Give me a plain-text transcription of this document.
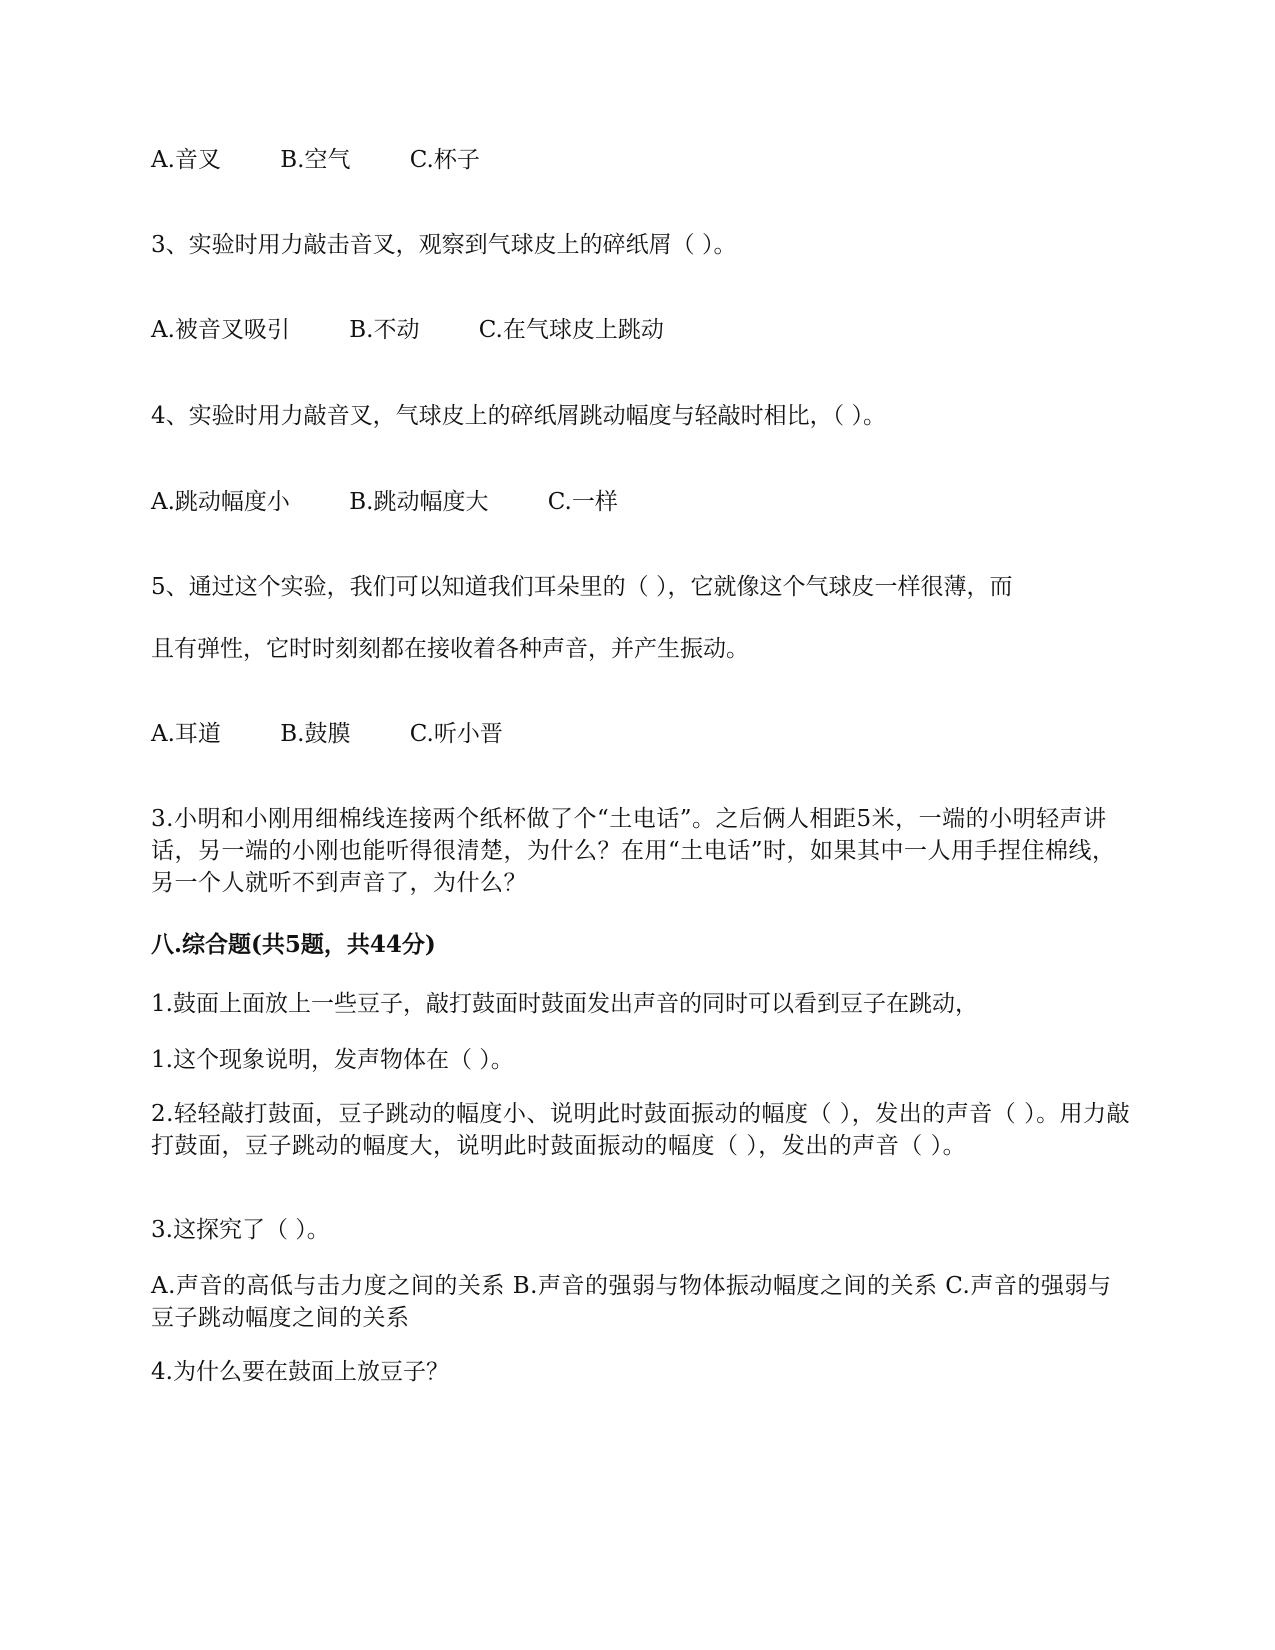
A.音叉	B.空气	C.杯子
3、实验时用力敲击音叉，观察到气球皮上的碎纸屑（ ）。
A.被音叉吸引	B.不动	C.在气球皮上跳动
4、实验时用力敲音叉，气球皮上的碎纸屑跳动幅度与轻敲时相比，（ ）。
A.跳动幅度小	B.跳动幅度大	C.一样
5、通过这个实验，我们可以知道我们耳朵里的（ ），它就像这个气球皮一样很薄，而
且有弹性，它时时刻刻都在接收着各种声音，并产生振动。
A.耳道	B.鼓膜	C.听小晋
3.小明和小刚用细棉线连接两个纸杯做了个“土电话”。之后俩人相距5米，一端的小明轻声讲话，另一端的小刚也能听得很清楚，为什么？在用“土电话”时，如果其中一人用手捏住棉线，另一个人就听不到声音了，为什么？
八.综合题(共5题，共44分)
1.鼓面上面放上一些豆子，敲打鼓面时鼓面发出声音的同时可以看到豆子在跳动，
1.这个现象说明，发声物体在（ ）。
2.轻轻敲打鼓面，豆子跳动的幅度小、说明此时鼓面振动的幅度（ ），发出的声音（ ）。用力敲打鼓面，豆子跳动的幅度大，说明此时鼓面振动的幅度（ ），发出的声音（ ）。
3.这探究了（ ）。
A.声音的高低与击力度之间的关系 B.声音的强弱与物体振动幅度之间的关系 C.声音的强弱与豆子跳动幅度之间的关系
4.为什么要在鼓面上放豆子？
